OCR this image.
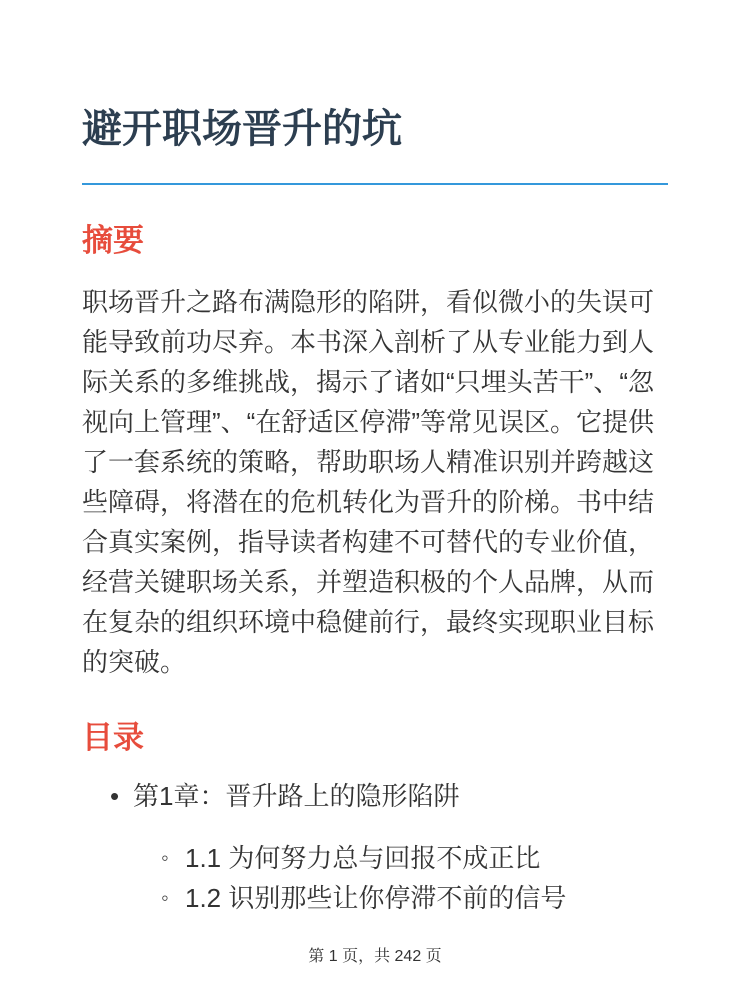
避开职场晋升的坑
摘要

职场晋升之路布满隐形的陷阱，看似微小的失误可能导致前功尽弃。本书深入剖析了从专业能力到人际关系的多维挑战，揭示了诸如“只埋头苦干”、“忽视向上管理”、“在舒适区停滞”等常见误区。它提供了一套系统的策略，帮助职场人精准识别并跨越这些障碍，将潜在的危机转化为晋升的阶梯。书中结合真实案例，指导读者构建不可替代的专业价值，经营关键职场关系，并塑造积极的个人品牌，从而在复杂的组织环境中稳健前行，最终实现职业目标的突破。

目录
• 第1章：晋升路上的隐形陷阱
◦ 1.1 为何努力总与回报不成正比
◦ 1.2 识别那些让你停滞不前的信号
第 1 页，共 242 页
